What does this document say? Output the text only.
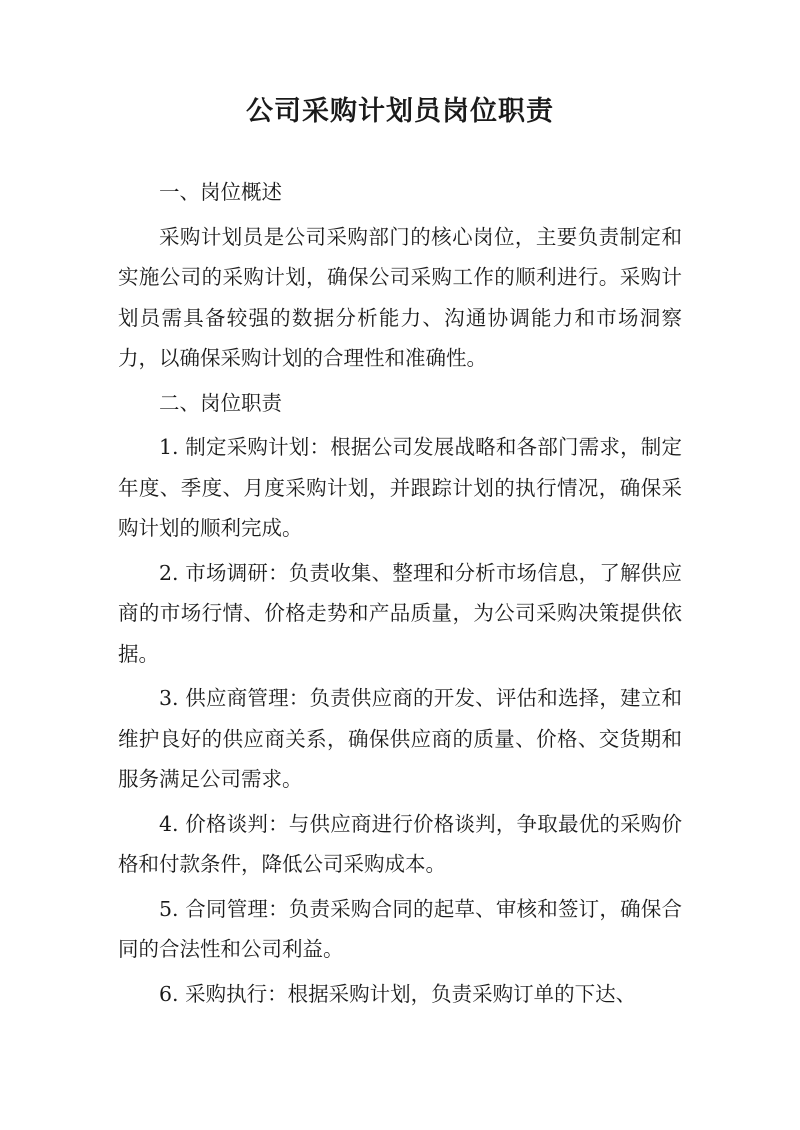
公司采购计划员岗位职责

一、岗位概述

采购计划员是公司采购部门的核心岗位，主要负责制定和实施公司的采购计划，确保公司采购工作的顺利进行。采购计划员需具备较强的数据分析能力、沟通协调能力和市场洞察力，以确保采购计划的合理性和准确性。

二、岗位职责

1. 制定采购计划：根据公司发展战略和各部门需求，制定年度、季度、月度采购计划，并跟踪计划的执行情况，确保采购计划的顺利完成。

2. 市场调研：负责收集、整理和分析市场信息，了解供应商的市场行情、价格走势和产品质量，为公司采购决策提供依据。

3. 供应商管理：负责供应商的开发、评估和选择，建立和维护良好的供应商关系，确保供应商的质量、价格、交货期和服务满足公司需求。

4. 价格谈判：与供应商进行价格谈判，争取最优的采购价格和付款条件，降低公司采购成本。

5. 合同管理：负责采购合同的起草、审核和签订，确保合同的合法性和公司利益。

6. 采购执行：根据采购计划，负责采购订单的下达、
